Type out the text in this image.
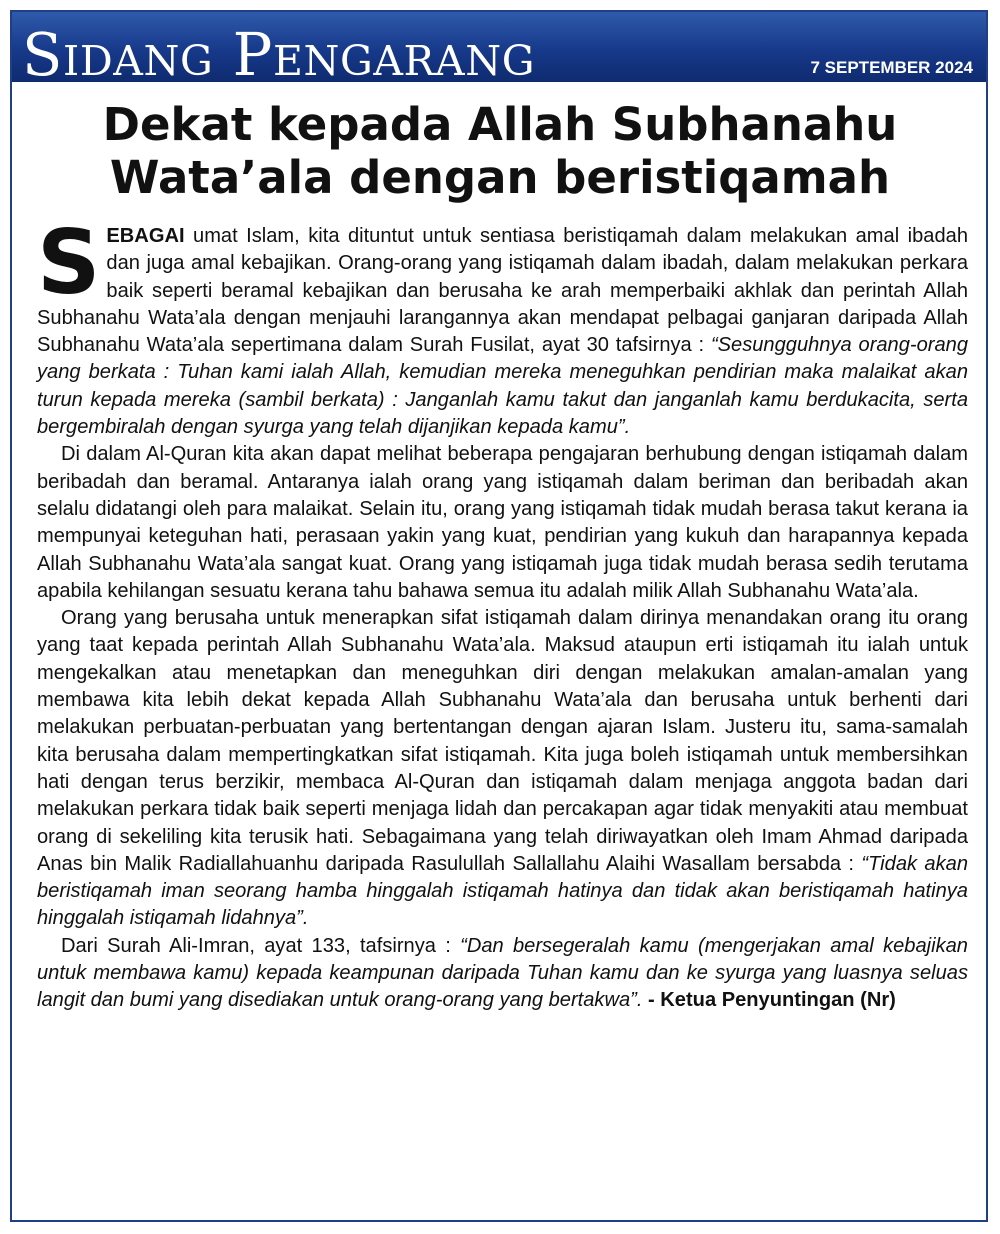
Sidang Pengarang	7 SEPTEMBER 2024
Dekat kepada Allah Subhanahu Wata’ala dengan beristiqamah

SEBAGAI umat Islam, kita dituntut untuk sentiasa beristiqamah dalam melakukan amal ibadah dan juga amal kebajikan. Orang-orang yang istiqamah dalam ibadah, dalam melakukan perkara baik seperti beramal kebajikan dan berusaha ke arah memperbaiki akhlak dan perintah Allah Subhanahu Wata’ala dengan menjauhi larangannya akan mendapat pelbagai ganjaran daripada Allah Subhanahu Wata’ala sepertimana dalam Surah Fusilat, ayat 30 tafsirnya : “Sesungguhnya orang-orang yang berkata : Tuhan kami ialah Allah, kemudian mereka meneguhkan pendirian maka malaikat akan turun kepada mereka (sambil berkata) : Janganlah kamu takut dan janganlah kamu berdukacita, serta bergembiralah dengan syurga yang telah dijanjikan kepada kamu”.

Di dalam Al-Quran kita akan dapat melihat beberapa pengajaran berhubung dengan istiqamah dalam beribadah dan beramal. Antaranya ialah orang yang istiqamah dalam beriman dan beribadah akan selalu didatangi oleh para malaikat. Selain itu, orang yang istiqamah tidak mudah berasa takut kerana ia mempunyai keteguhan hati, perasaan yakin yang kuat, pendirian yang kukuh dan harapannya kepada Allah Subhanahu Wata’ala sangat kuat. Orang yang istiqamah juga tidak mudah berasa sedih terutama apabila kehilangan sesuatu kerana tahu bahawa semua itu adalah milik Allah Subhanahu Wata’ala.

Orang yang berusaha untuk menerapkan sifat istiqamah dalam dirinya menandakan orang itu orang yang taat kepada perintah Allah Subhanahu Wata’ala. Maksud ataupun erti istiqamah itu ialah untuk mengekalkan atau menetapkan dan meneguhkan diri dengan melakukan amalan-amalan yang membawa kita lebih dekat kepada Allah Subhanahu Wata’ala dan berusaha untuk berhenti dari melakukan perbuatan-perbuatan yang bertentangan dengan ajaran Islam. Justeru itu, sama-samalah kita berusaha dalam mempertingkatkan sifat istiqamah. Kita juga boleh istiqamah untuk membersihkan hati dengan terus berzikir, membaca Al-Quran dan istiqamah dalam menjaga anggota badan dari melakukan perkara tidak baik seperti menjaga lidah dan percakapan agar tidak menyakiti atau membuat orang di sekeliling kita terusik hati. Sebagaimana yang telah diriwayatkan oleh Imam Ahmad daripada Anas bin Malik Radiallahuanhu daripada Rasulullah Sallallahu Alaihi Wasallam bersabda : “Tidak akan beristiqamah iman seorang hamba hinggalah istiqamah hatinya dan tidak akan beristiqamah hatinya hinggalah istiqamah lidahnya”.

Dari Surah Ali-Imran, ayat 133, tafsirnya : “Dan bersegeralah kamu (mengerjakan amal kebajikan untuk membawa kamu) kepada keampunan daripada Tuhan kamu dan ke syurga yang luasnya seluas langit dan bumi yang disediakan untuk orang-orang yang bertakwa”. - Ketua Penyuntingan (Nr)
